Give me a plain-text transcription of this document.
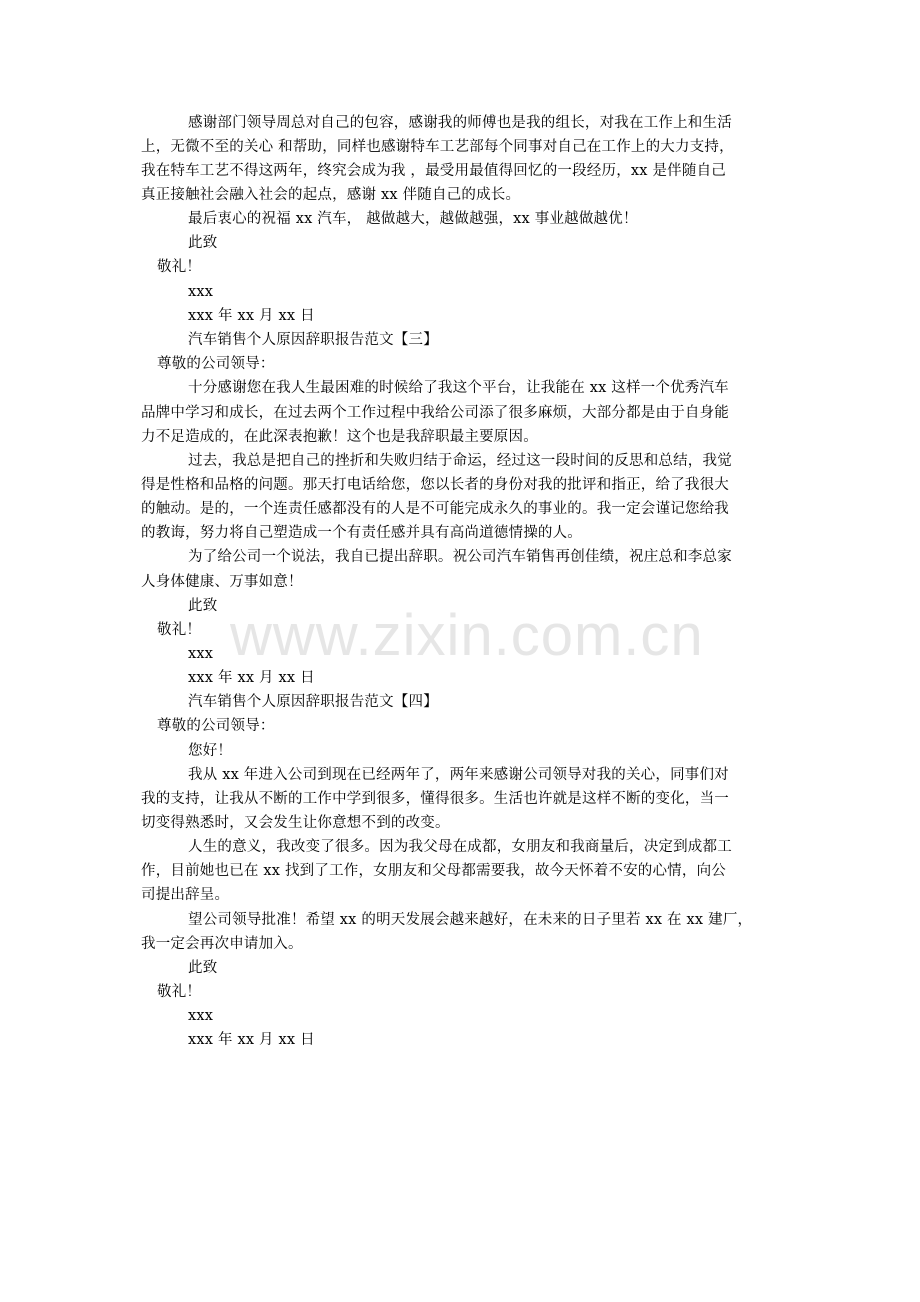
www.zixin.com.cn
感谢部门领导周总对自己的包容，感谢我的师傅也是我的组长，对我在工作上和生活
上，无微不至的关心 和帮助，同样也感谢特车工艺部每个同事对自己在工作上的大力支持，
我在特车工艺不得这两年，终究会成为我 ，最受用最值得回忆的一段经历，xx 是伴随自己
真正接触社会融入社会的起点，感谢 xx 伴随自己的成长。
最后衷心的祝福 xx 汽车， 越做越大，越做越强，xx 事业越做越优！
此致
敬礼！
xxx
xxx 年 xx 月 xx 日
汽车销售个人原因辞职报告范文【三】
尊敬的公司领导：
十分感谢您在我人生最困难的时候给了我这个平台，让我能在 xx 这样一个优秀汽车
品牌中学习和成长，在过去两个工作过程中我给公司添了很多麻烦，大部分都是由于自身能
力不足造成的，在此深表抱歉！这个也是我辞职最主要原因。
过去，我总是把自己的挫折和失败归结于命运，经过这一段时间的反思和总结，我觉
得是性格和品格的问题。那天打电话给您，您以长者的身份对我的批评和指正，给了我很大
的触动。是的，一个连责任感都没有的人是不可能完成永久的事业的。我一定会谨记您给我
的教诲，努力将自己塑造成一个有责任感并具有高尚道德情操的人。
为了给公司一个说法，我自已提出辞职。祝公司汽车销售再创佳绩，祝庄总和李总家
人身体健康、万事如意！
此致
敬礼！
xxx
xxx 年 xx 月 xx 日
汽车销售个人原因辞职报告范文【四】
尊敬的公司领导：
您好！
我从 xx 年进入公司到现在已经两年了，两年来感谢公司领导对我的关心，同事们对
我的支持，让我从不断的工作中学到很多，懂得很多。生活也许就是这样不断的变化，当一
切变得熟悉时，又会发生让你意想不到的改变。
人生的意义，我改变了很多。因为我父母在成都，女朋友和我商量后，决定到成都工
作，目前她也已在 xx 找到了工作，女朋友和父母都需要我，故今天怀着不安的心情，向公
司提出辞呈。
望公司领导批准！希望 xx 的明天发展会越来越好，在未来的日子里若 xx 在 xx 建厂，
我一定会再次申请加入。
此致
敬礼！
xxx
xxx 年 xx 月 xx 日
